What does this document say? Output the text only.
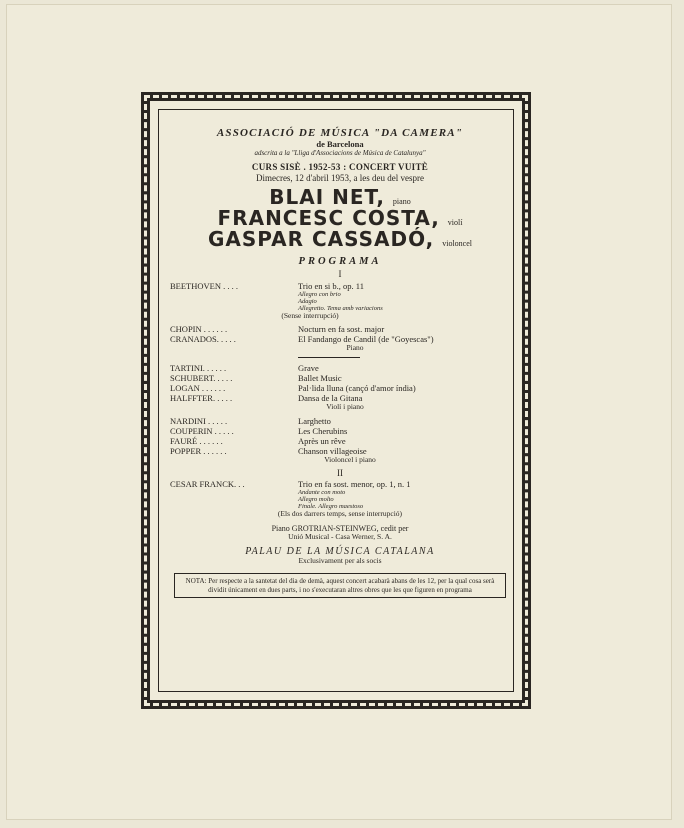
ASSOCIACIÓ DE MÚSICA "DA CAMERA"
de Barcelona
adscrita a la "Lliga d'Associacions de Música de Catalunya"
CURS SISÈ . 1952-53 : CONCERT VUITÈ
Dimecres, 12 d'abril 1953, a les deu del vespre
BLAI NET, piano
FRANCESC COSTA, violí
GASPAR CASSADÓ, violoncel
PROGRAMA
I
BEETHOVEN . . . .	Trio en si b., op. 11
Allegro con brio
Adagio
Allegretto. Tema amb variacions
(Sense interrupció)
CHOPIN . . . . . .	Nocturn en fa sost. major
CRANADOS. . . . .	El Fandango de Candil (de "Goyescas")
Piano
TARTINI. . . . . .	Grave
SCHUBERT. . . . .	Ballet Music
LOGAN . . . . . .	Pal·lida lluna (cançó d'amor índia)
HALFFTER. . . . .	Dansa de la Gitana
Violí i piano
NARDINI . . . . .	Larghetto
COUPERIN . . . . .	Les Cherubins
FAURÉ . . . . . .	Après un rêve
POPPER . . . . . .	Chanson villageoise
Violoncel i piano
II
CESAR FRANCK. . .	Trio en fa sost. menor, op. 1, n. 1
Andante con moto
Allegro molto
Finale. Allegro maestoso
(Els dos darrers temps, sense interrupció)
Piano GROTRIAN-STEINWEG, cedit per
Unió Musical - Casa Werner, S. A.
PALAU DE LA MÚSICA CATALANA
Exclusivament per als socis
NOTA: Per respecte a la santetat del dia de demà, aquest concert acabarà abans de les 12, per la qual cosa serà dividit únicament en dues parts, i no s'executaran altres obres que les que figuren en programa
